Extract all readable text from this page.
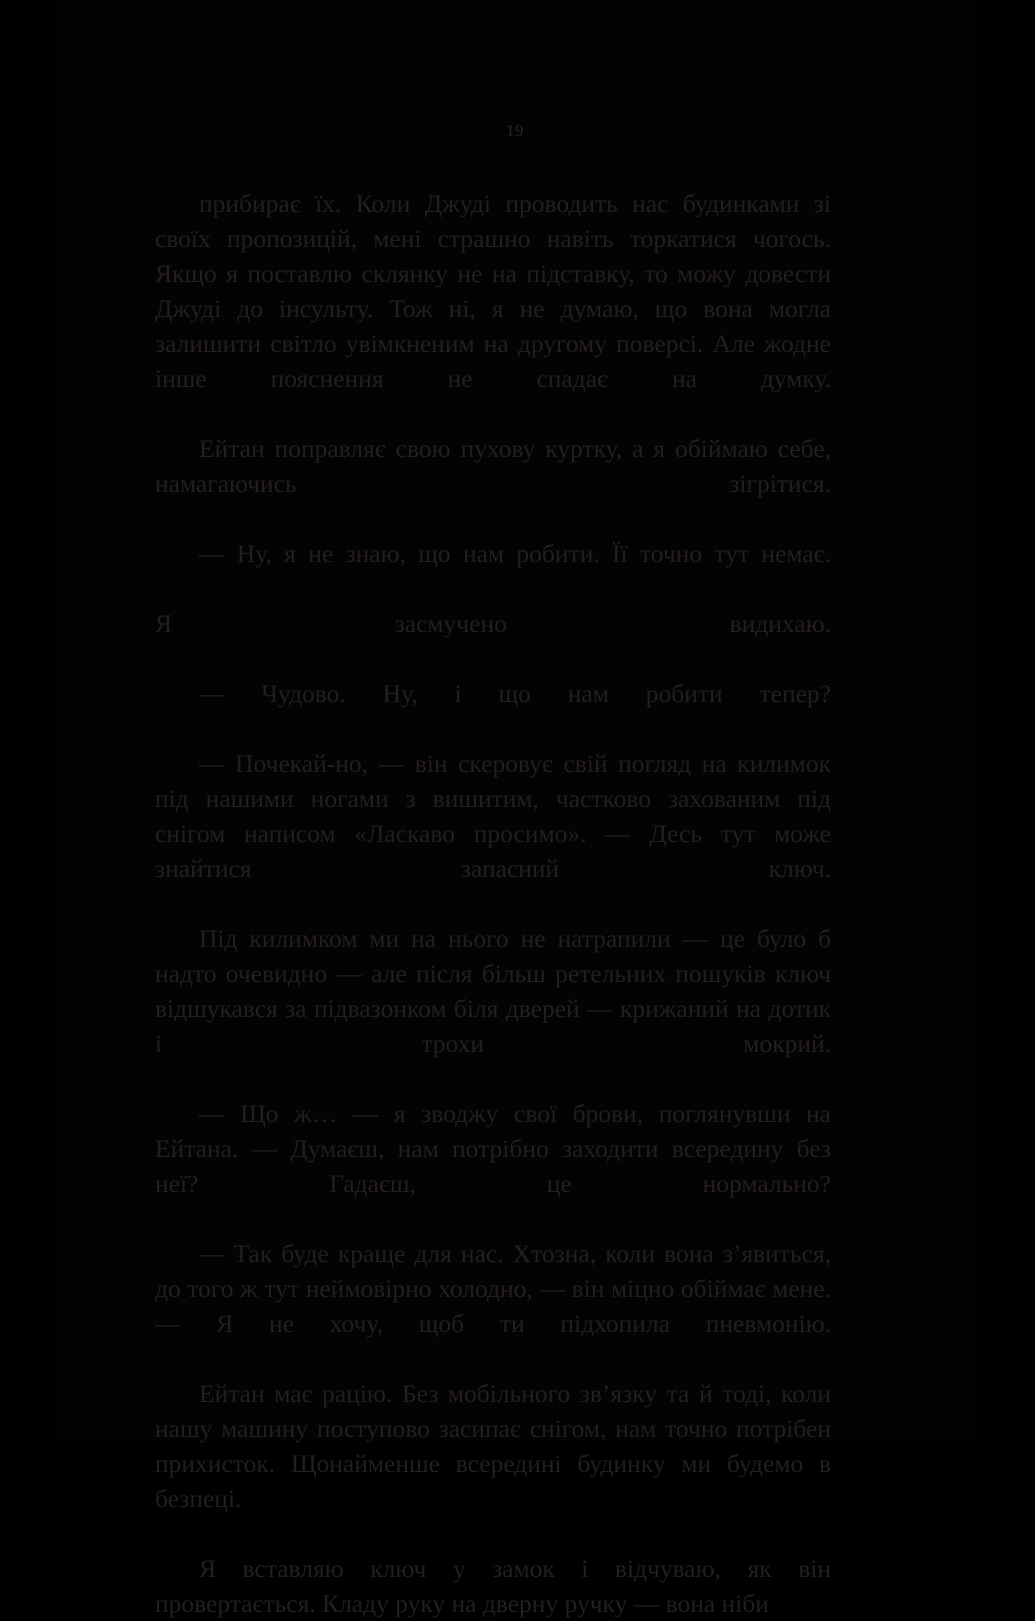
19

прибирає їх. Коли Джуді проводить нас будинками зі своїх пропозицій, мені страшно навіть торкатися чогось. Якщо я поставлю склянку не на підставку, то можу довести Джуді до інсульту. Тож ні, я не думаю, що вона могла залишити світло увімкненим на другому поверсі. Але жодне інше пояснення не спадає на думку.

Ейтан поправляє свою пухову куртку, а я обіймаю себе, намагаючись зігрітися.

— Ну, я не знаю, що нам робити. Її точно тут немає.

Я засмучено видихаю.

— Чудово. Ну, і що нам робити тепер?

— Почекай-но, — він скеровує свій погляд на килимок під нашими ногами з вишитим, частково захованим під снігом написом «Ласкаво просимо». — Десь тут може знайтися запасний ключ.

Під килимком ми на нього не натрапили — це було б надто очевидно — але після більш ретельних пошуків ключ відшукався за підвазонком біля дверей — крижаний на дотик і трохи мокрий.

— Що ж… — я зводжу свої брови, поглянувши на Ейтана. — Думаєш, нам потрібно заходити всередину без неї? Гадаєш, це нормально?

— Так буде краще для нас. Хтозна, коли вона з’явиться, до того ж тут неймовірно холодно, — він міцно обіймає мене. — Я не хочу, щоб ти підхопила пневмонію.

Ейтан має рацію. Без мобільного зв’язку та й тоді, коли нашу машину поступово засипає снігом, нам точно потрібен прихисток. Щонайменше всередині будинку ми будемо в безпеці.

Я вставляю ключ у замок і відчуваю, як він провертається. Кладу руку на дверну ручку — вона ніби
